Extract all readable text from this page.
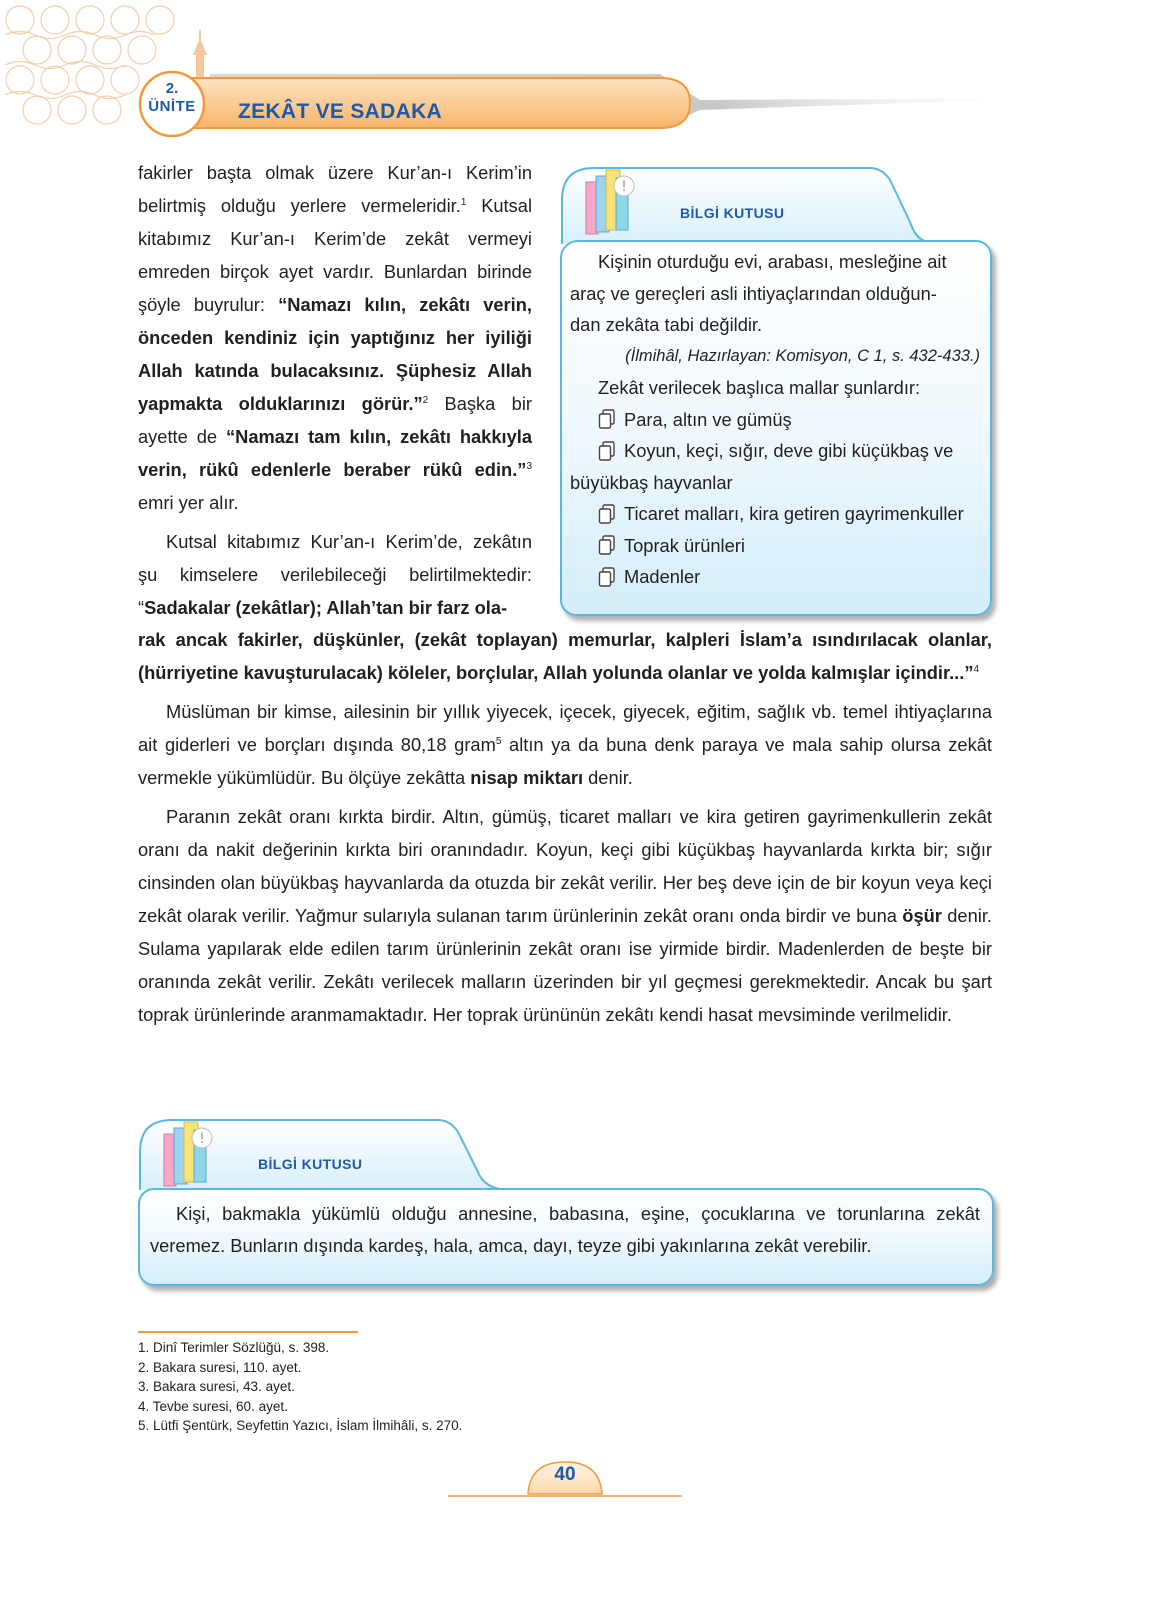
2.
ÜNİTE	ZEKÂT VE SADAKA

fakirler başta olmak üzere Kur’an-ı Kerim’in belirtmiş olduğu yerlere vermeleridir.$^1$ Kutsal kitabımız Kur’an-ı Kerim’de zekât vermeyi emreden birçok ayet vardır. Bunlardan birinde şöyle buyrulur: “Namazı kılın, zekâtı verin, önceden kendiniz için yaptığınız her iyiliği Allah katında bulacaksınız. Şüphesiz Allah yapmakta olduklarınızı görür.”$^2$ Başka bir ayette de “Namazı tam kılın, zekâtı hakkıyla verin, rükû edenlerle beraber rükû edin.”$^3$ emri yer alır.

Kutsal kitabımız Kur’an-ı Kerim’de, zekâtın şu kimselere verilebileceği belirtilmektedir: “Sadakalar (zekâtlar); Allah’tan bir farz ola-

Kişinin oturduğu evi, arabası, mesleğine ait

araç ve gereçleri asli ihtiyaçlarından olduğun-

dan zekâta tabi değildir.

(İlmihâl, Hazırlayan: Komisyon, C 1, s. 432-433.)

Zekât verilecek başlıca mallar şunlardır:

Para, altın ve gümüş
Koyun, keçi, sığır, deve gibi küçükbaş ve

büyükbaş hayvanlar

Ticaret malları, kira getiren gayrimenkuller
Toprak ürünleri
Madenler
!
BİLGİ KUTUSU

rak ancak fakirler, düşkünler, (zekât toplayan) memurlar, kalpleri İslam’a ısındırılacak olanlar, (hürriyetine kavuşturulacak) köleler, borçlular, Allah yolunda olanlar ve yolda kalmışlar içindir...”$^4$

Müslüman bir kimse, ailesinin bir yıllık yiyecek, içecek, giyecek, eğitim, sağlık vb. temel ihtiyaçlarına ait giderleri ve borçları dışında 80,18 gram$^5$ altın ya da buna denk paraya ve mala sahip olursa zekât vermekle yükümlüdür. Bu ölçüye zekâtta nisap miktarı denir.

Paranın zekât oranı kırkta birdir. Altın, gümüş, ticaret malları ve kira getiren gayrimenkullerin zekât oranı da nakit değerinin kırkta biri oranındadır. Koyun, keçi gibi küçükbaş hayvanlarda kırkta bir; sığır cinsinden olan büyükbaş hayvanlarda da otuzda bir zekât verilir. Her beş deve için de bir koyun veya keçi zekât olarak verilir. Yağmur sularıyla sulanan tarım ürünlerinin zekât oranı onda birdir ve buna öşür denir. Sulama yapılarak elde edilen tarım ürünlerinin zekât oranı ise yirmide birdir. Madenlerden de beşte bir oranında zekât verilir. Zekâtı verilecek malların üzerinden bir yıl geçmesi gerekmektedir. Ancak bu şart toprak ürünlerinde aranmamaktadır. Her toprak ürününün zekâtı kendi hasat mevsiminde verilmelidir.

Kişi, bakmakla yükümlü olduğu annesine, babasına, eşine, çocuklarına ve torunlarına zekât veremez. Bunların dışında kardeş, hala, amca, dayı, teyze gibi yakınlarına zekât verebilir.

!
BİLGİ KUTUSU
1. Dinî Terimler Sözlüğü, s. 398.
2. Bakara suresi, 110. ayet.
3. Bakara suresi, 43. ayet.
4. Tevbe suresi, 60. ayet.
5. Lütfi Şentürk, Seyfettin Yazıcı, İslam İlmihâli, s. 270.
40
